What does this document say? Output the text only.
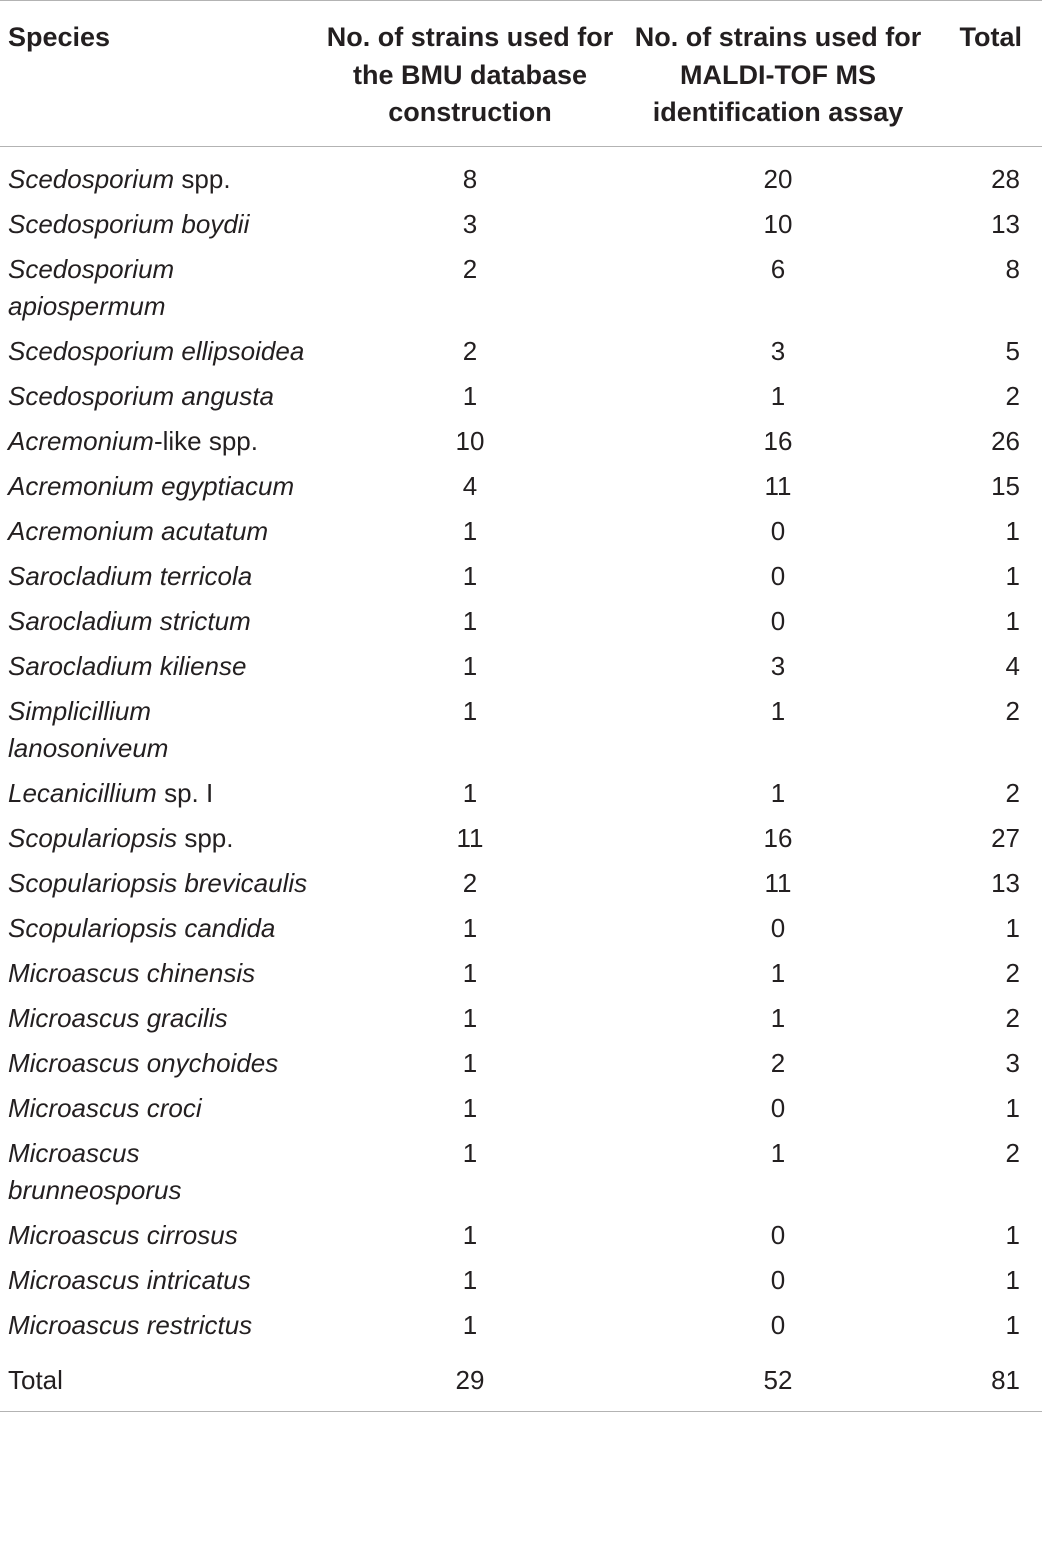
Species	No. of strains used for the BMU database construction	No. of strains used for MALDI-TOF MS identification assay	Total
Scedosporium spp.	8	20	28
Scedosporium boydii	3	10	13
Scedosporium apiospermum	2	6	8
Scedosporium ellipsoidea	2	3	5
Scedosporium angusta	1	1	2
Acremonium-like spp.	10	16	26
Acremonium egyptiacum	4	11	15
Acremonium acutatum	1	0	1
Sarocladium terricola	1	0	1
Sarocladium strictum	1	0	1
Sarocladium kiliense	1	3	4
Simplicillium lanosoniveum	1	1	2
Lecanicillium sp. I	1	1	2
Scopulariopsis spp.	11	16	27
Scopulariopsis brevicaulis	2	11	13
Scopulariopsis candida	1	0	1
Microascus chinensis	1	1	2
Microascus gracilis	1	1	2
Microascus onychoides	1	2	3
Microascus croci	1	0	1
Microascus brunneosporus	1	1	2
Microascus cirrosus	1	0	1
Microascus intricatus	1	0	1
Microascus restrictus	1	0	1
Total	29	52	81
